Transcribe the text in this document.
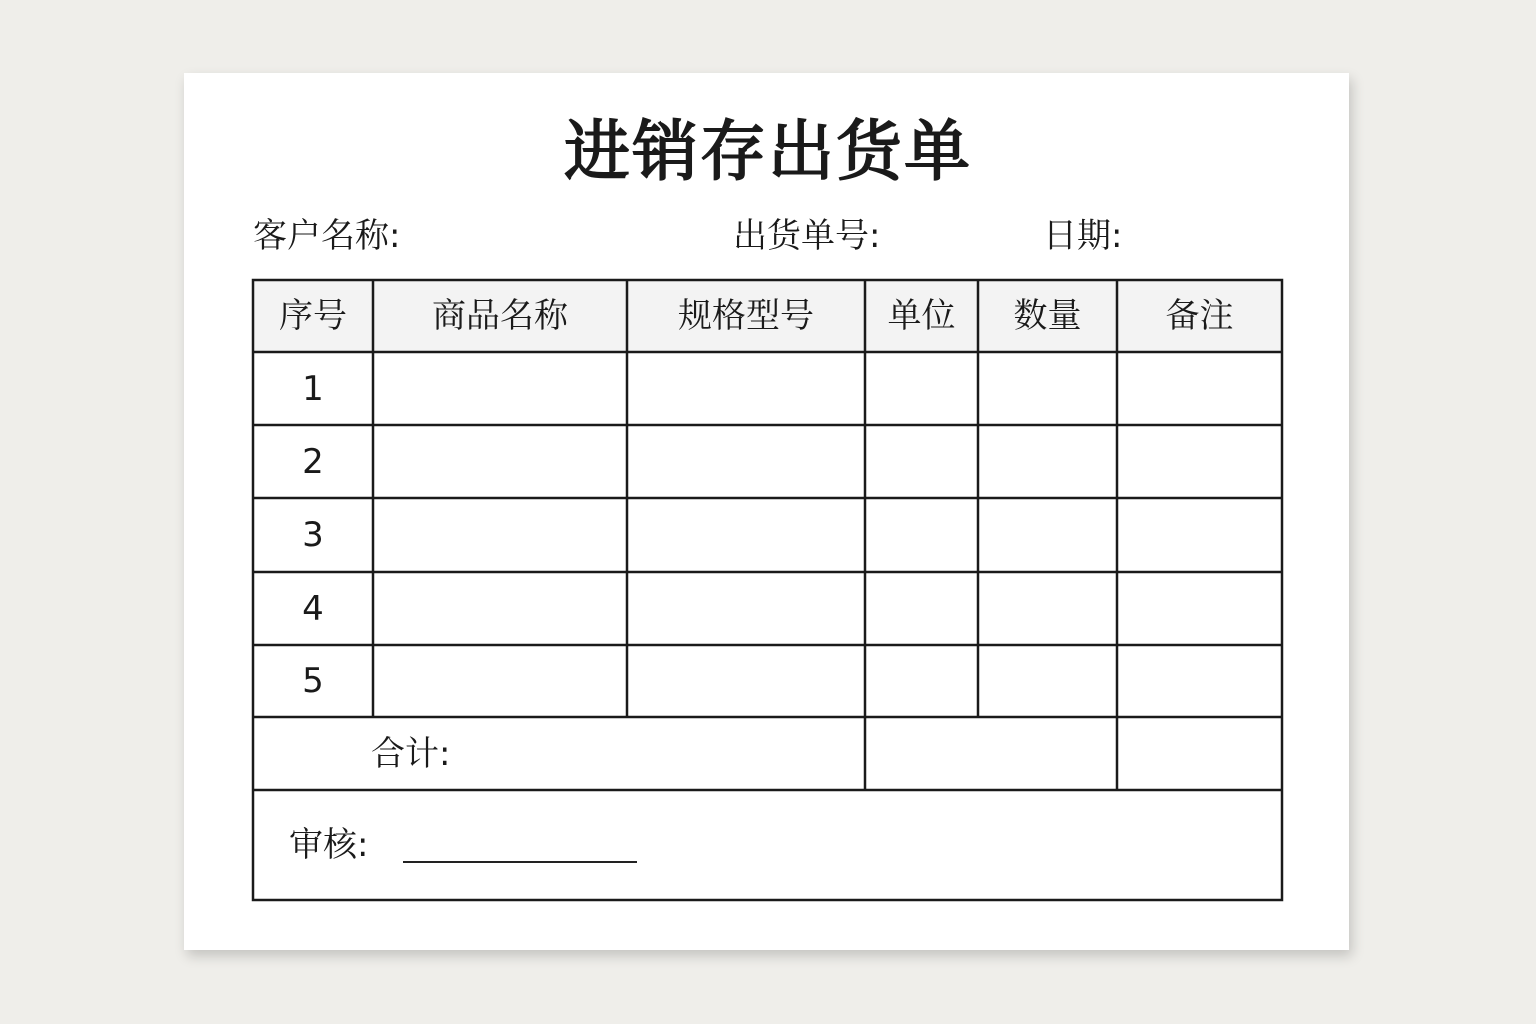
进销存出货单
客户名称:	出货单号:	日期:
序号	商品名称	规格型号	单位	数量	备注
1
2
3
4
5
合计:
审核:
